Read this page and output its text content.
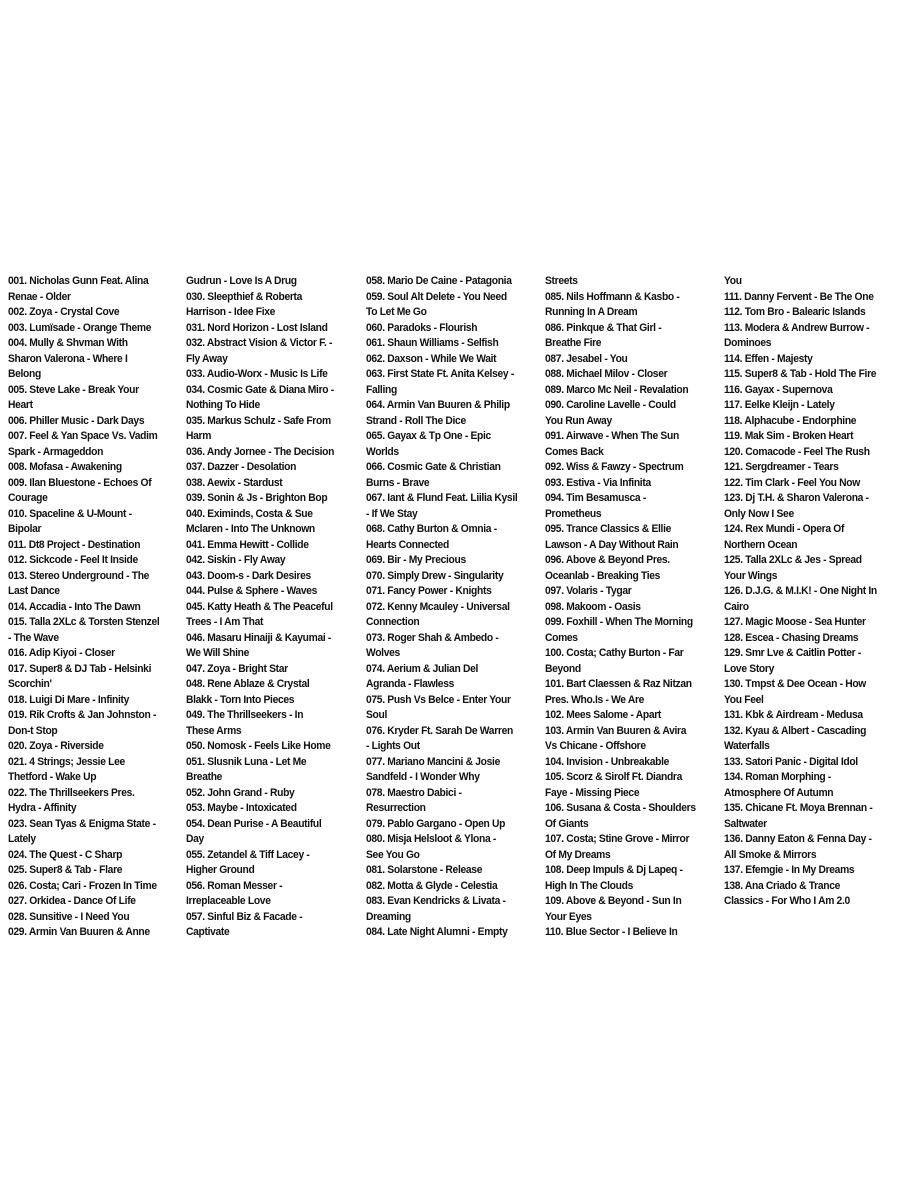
001. Nicholas Gunn Feat. Alina
Renae - Older
002. Zoya - Crystal Cove
003. Lumïsade - Orange Theme
004. Mully & Shvman With
Sharon Valerona - Where I
Belong
005. Steve Lake - Break Your
Heart
006. Philler Music - Dark Days
007. Feel & Yan Space Vs. Vadim
Spark - Armageddon
008. Mofasa - Awakening
009. Ilan Bluestone - Echoes Of
Courage
010. Spaceline & U-Mount -
Bipolar
011. Dt8 Project - Destination
012. Sickcode - Feel It Inside
013. Stereo Underground - The
Last Dance
014. Accadia - Into The Dawn
015. Talla 2XLc & Torsten Stenzel
- The Wave
016. Adip Kiyoi - Closer
017. Super8 & DJ Tab - Helsinki
Scorchin'
018. Luigi Di Mare - Infinity
019. Rik Crofts & Jan Johnston -
Don-t Stop
020. Zoya - Riverside
021. 4 Strings; Jessie Lee
Thetford - Wake Up
022. The Thrillseekers Pres.
Hydra - Affinity
023. Sean Tyas & Enigma State -
Lately
024. The Quest - C Sharp
025. Super8 & Tab - Flare
026. Costa; Cari - Frozen In Time
027. Orkidea - Dance Of Life
028. Sunsitive - I Need You
029. Armin Van Buuren & Anne
Gudrun - Love Is A Drug
030. Sleepthief & Roberta
Harrison - Idee Fixe
031. Nord Horizon - Lost Island
032. Abstract Vision & Victor F. -
Fly Away
033. Audio-Worx - Music Is Life
034. Cosmic Gate & Diana Miro -
Nothing To Hide
035. Markus Schulz - Safe From
Harm
036. Andy Jornee - The Decision
037. Dazzer - Desolation
038. Aewix - Stardust
039. Sonin & Js - Brighton Bop
040. Eximinds, Costa & Sue
Mclaren - Into The Unknown
041. Emma Hewitt - Collide
042. Siskin - Fly Away
043. Doom-s - Dark Desires
044. Pulse & Sphere - Waves
045. Katty Heath & The Peaceful
Trees - I Am That
046. Masaru Hinaiji & Kayumai -
We Will Shine
047. Zoya - Bright Star
048. Rene Ablaze & Crystal
Blakk - Torn Into Pieces
049. The Thrillseekers - In
These Arms
050. Nomosk - Feels Like Home
051. Slusnik Luna - Let Me
Breathe
052. John Grand - Ruby
053. Maybe - Intoxicated
054. Dean Purise - A Beautiful
Day
055. Zetandel & Tiff Lacey -
Higher Ground
056. Roman Messer -
Irreplaceable Love
057. Sinful Biz & Facade -
Captivate
058. Mario De Caine - Patagonia
059. Soul Alt Delete - You Need
To Let Me Go
060. Paradoks - Flourish
061. Shaun Williams - Selfish
062. Daxson - While We Wait
063. First State Ft. Anita Kelsey -
Falling
064. Armin Van Buuren & Philip
Strand - Roll The Dice
065. Gayax & Tp One - Epic
Worlds
066. Cosmic Gate & Christian
Burns - Brave
067. Iant & Flund Feat. Liilia Kysil
- If We Stay
068. Cathy Burton & Omnia -
Hearts Connected
069. Bir - My Precious
070. Simply Drew - Singularity
071. Fancy Power - Knights
072. Kenny Mcauley - Universal
Connection
073. Roger Shah & Ambedo -
Wolves
074. Aerium & Julian Del
Agranda - Flawless
075. Push Vs Belce - Enter Your
Soul
076. Kryder Ft. Sarah De Warren
- Lights Out
077. Mariano Mancini & Josie
Sandfeld - I Wonder Why
078. Maestro Dabici -
Resurrection
079. Pablo Gargano - Open Up
080. Misja Helsloot & Ylona -
See You Go
081. Solarstone - Release
082. Motta & Glyde - Celestia
083. Evan Kendricks & Livata -
Dreaming
084. Late Night Alumni - Empty
Streets
085. Nils Hoffmann & Kasbo -
Running In A Dream
086. Pinkque & That Girl -
Breathe Fire
087. Jesabel - You
088. Michael Milov - Closer
089. Marco Mc Neil - Revalation
090. Caroline Lavelle - Could
You Run Away
091. Airwave - When The Sun
Comes Back
092. Wiss & Fawzy - Spectrum
093. Estiva - Via Infinita
094. Tim Besamusca -
Prometheus
095. Trance Classics & Ellie
Lawson - A Day Without Rain
096. Above & Beyond Pres.
Oceanlab - Breaking Ties
097. Volaris - Tygar
098. Makoom - Oasis
099. Foxhill - When The Morning
Comes
100. Costa; Cathy Burton - Far
Beyond
101. Bart Claessen & Raz Nitzan
Pres. Who.Is - We Are
102. Mees Salome - Apart
103. Armin Van Buuren & Avira
Vs Chicane - Offshore
104. Invision - Unbreakable
105. Scorz & Sirolf Ft. Diandra
Faye - Missing Piece
106. Susana & Costa - Shoulders
Of Giants
107. Costa; Stine Grove - Mirror
Of My Dreams
108. Deep Impuls & Dj Lapeq -
High In The Clouds
109. Above & Beyond - Sun In
Your Eyes
110. Blue Sector - I Believe In
You
111. Danny Fervent - Be The One
112. Tom Bro - Balearic Islands
113. Modera & Andrew Burrow -
Dominoes
114. Effen - Majesty
115. Super8 & Tab - Hold The Fire
116. Gayax - Supernova
117. Eelke Kleijn - Lately
118. Alphacube - Endorphine
119. Mak Sim - Broken Heart
120. Comacode - Feel The Rush
121. Sergdreamer - Tears
122. Tim Clark - Feel You Now
123. Dj T.H. & Sharon Valerona -
Only Now I See
124. Rex Mundi - Opera Of
Northern Ocean
125. Talla 2XLc & Jes - Spread
Your Wings
126. D.J.G. & M.I.K! - One Night In
Cairo
127. Magic Moose - Sea Hunter
128. Escea - Chasing Dreams
129. Smr Lve & Caitlin Potter -
Love Story
130. Tmpst & Dee Ocean - How
You Feel
131. Kbk & Airdream - Medusa
132. Kyau & Albert - Cascading
Waterfalls
133. Satori Panic - Digital Idol
134. Roman Morphing -
Atmosphere Of Autumn
135. Chicane Ft. Moya Brennan -
Saltwater
136. Danny Eaton & Fenna Day -
All Smoke & Mirrors
137. Efemgie - In My Dreams
138. Ana Criado & Trance
Classics - For Who I Am 2.0
